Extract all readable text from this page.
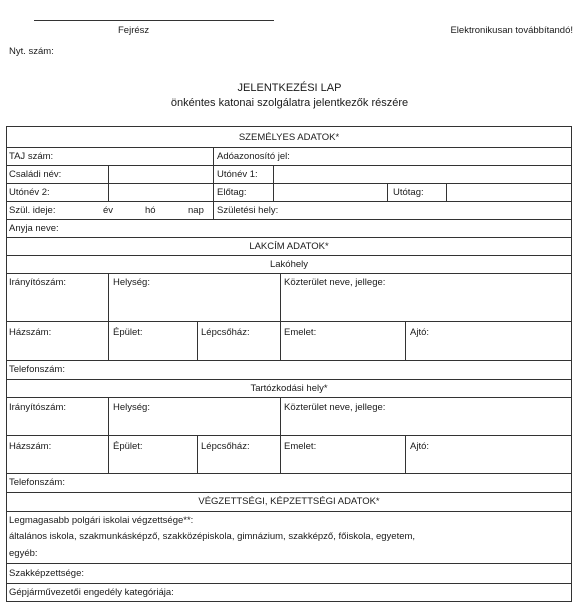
Fejrész	Elektronikusan továbbítandó!
Nyt. szám:
JELENTKEZÉSI LAP
önkéntes katonai szolgálatra jelentkezők részére
SZEMÉLYES ADATOK*
TAJ szám:	Adóazonosító jel:
Családi név:	Utónév 1:
Utónév 2:	Előtag:	Utótag:
Szül. ideje:	év	hó	nap Születési hely:
Anyja neve:
LAKCÍM ADATOK*
Lakóhely
Irányítószám:	Helység:	Közterület neve, jellege:
Házszám:	Épület:	Lépcsőház:	Emelet:	Ajtó:
Telefonszám:
Tartózkodási hely*
Irányítószám:	Helység:	Közterület neve, jellege:
Házszám:	Épület:	Lépcsőház:	Emelet:	Ajtó:
Telefonszám:
VÉGZETTSÉGI, KÉPZETTSÉGI ADATOK*
Legmagasabb polgári iskolai végzettsége**:
általános iskola, szakmunkásképző, szakközépiskola, gimnázium, szakképző, főiskola, egyetem,
egyéb:
Szakképzettsége:
Gépjárművezetői engedély kategóriája:
